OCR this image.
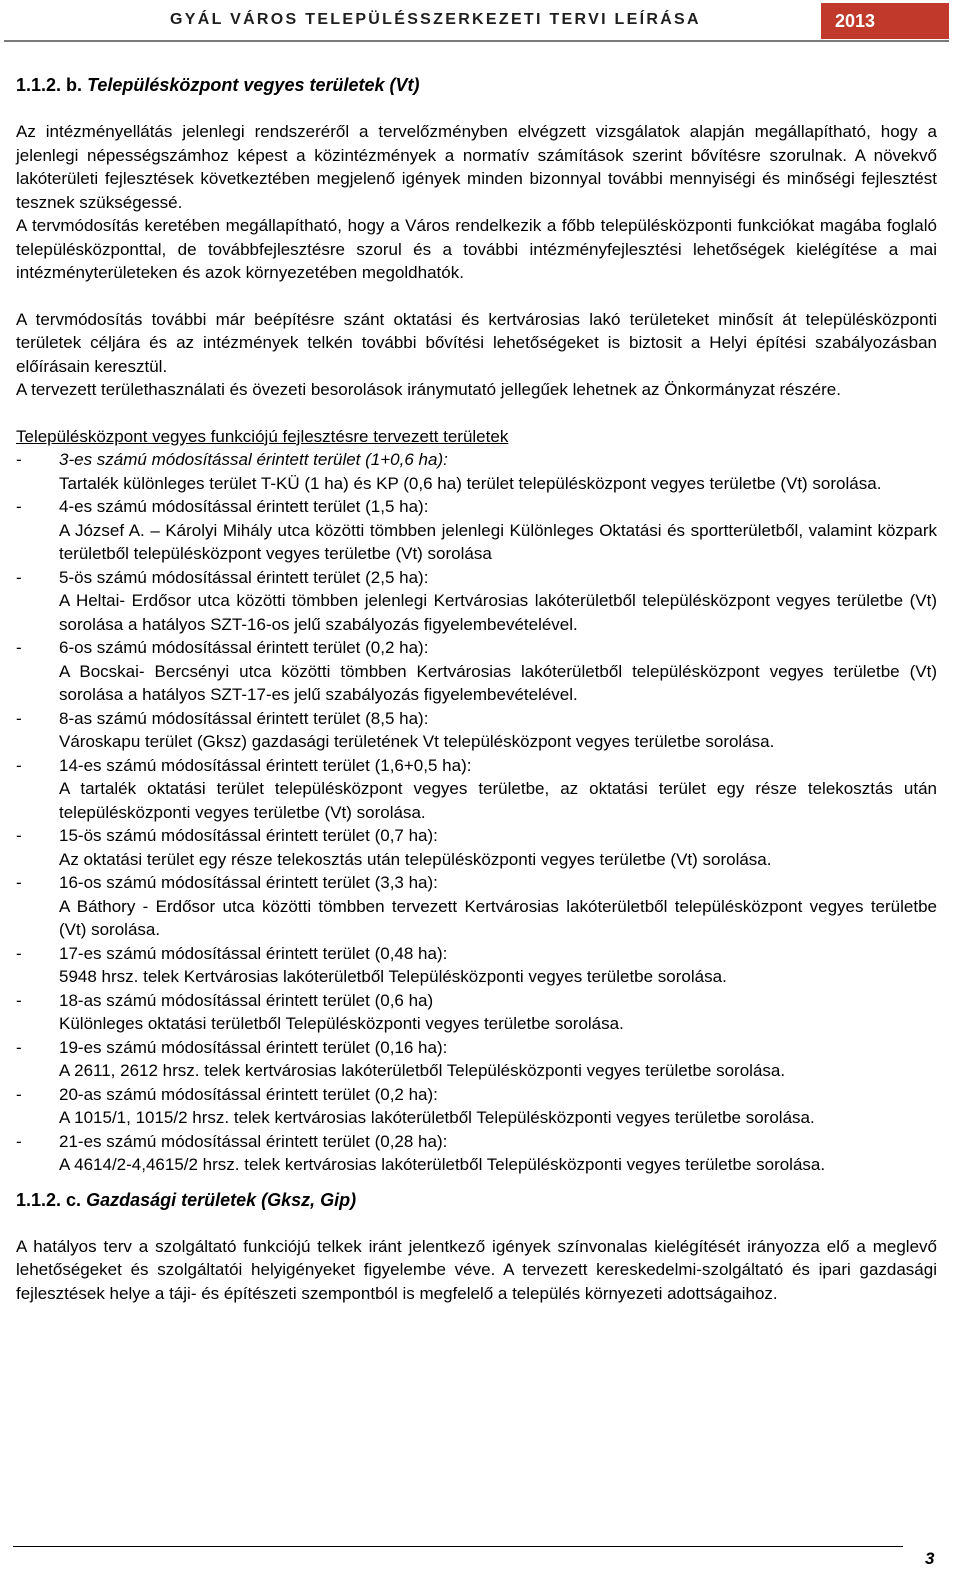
GYÁL VÁROS TELEPÜLÉSSZERKEZETI TERVI LEÍRÁSA	2013
1.1.2. b. Településközpont vegyes területek (Vt)

Az intézményellátás jelenlegi rendszeréről a tervelőzményben elvégzett vizsgálatok alapján megállapítható, hogy a jelenlegi népességszámhoz képest a közintézmények a normatív számítások szerint bővítésre szorulnak. A növekvő lakóterületi fejlesztések következtében megjelenő igények minden bizonnyal további mennyiségi és minőségi fejlesztést tesznek szükségessé.

A tervmódosítás keretében megállapítható, hogy a Város rendelkezik a főbb településközponti funkciókat magába foglaló településközponttal, de továbbfejlesztésre szorul és a további intézményfejlesztési lehetőségek kielégítése a mai intézményterületeken és azok környezetében megoldhatók.

A tervmódosítás további már beépítésre szánt oktatási és kertvárosias lakó területeket minősít át településközponti területek céljára és az intézmények telkén további bővítési lehetőségeket is biztosit a Helyi építési szabályozásban előírásain keresztül.

A tervezett területhasználati és övezeti besorolások iránymutató jellegűek lehetnek az Önkormányzat részére.

Településközpont vegyes funkciójú fejlesztésre tervezett területek
-	3-es számú módosítással érintett terület (1+0,6 ha):
Tartalék különleges terület T-KÜ (1 ha) és KP (0,6 ha) terület településközpont vegyes területbe (Vt) sorolása.
-	4-es számú módosítással érintett terület (1,5 ha):
A József A. – Károlyi Mihály utca közötti tömbben jelenlegi Különleges Oktatási és sportterületből, valamint közpark területből településközpont vegyes területbe (Vt) sorolása
-	5-ös számú módosítással érintett terület (2,5 ha):
A Heltai- Erdősor utca közötti tömbben jelenlegi Kertvárosias lakóterületből településközpont vegyes területbe (Vt) sorolása a hatályos SZT-16-os jelű szabályozás figyelembevételével.
-	6-os számú módosítással érintett terület (0,2 ha):
A Bocskai- Bercsényi utca közötti tömbben Kertvárosias lakóterületből településközpont vegyes területbe (Vt) sorolása a hatályos SZT-17-es jelű szabályozás figyelembevételével.
-	8-as számú módosítással érintett terület (8,5 ha):
Városkapu terület (Gksz) gazdasági területének Vt településközpont vegyes területbe sorolása.
-	14-es számú módosítással érintett terület (1,6+0,5 ha):
A tartalék oktatási terület településközpont vegyes területbe, az oktatási terület egy része telekosztás után településközponti vegyes területbe (Vt) sorolása.
-	15-ös számú módosítással érintett terület (0,7 ha):
Az oktatási terület egy része telekosztás után településközponti vegyes területbe (Vt) sorolása.
-	16-os számú módosítással érintett terület (3,3 ha):
A Báthory - Erdősor utca közötti tömbben tervezett Kertvárosias lakóterületből településközpont vegyes területbe (Vt) sorolása.
-	17-es számú módosítással érintett terület (0,48 ha):
5948 hrsz. telek Kertvárosias lakóterületből Településközponti vegyes területbe sorolása.
-	18-as számú módosítással érintett terület (0,6 ha)
Különleges oktatási területből Településközponti vegyes területbe sorolása.
-	19-es számú módosítással érintett terület (0,16 ha):
A 2611, 2612 hrsz. telek kertvárosias lakóterületből Településközponti vegyes területbe sorolása.
-	20-as számú módosítással érintett terület (0,2 ha):
A 1015/1, 1015/2 hrsz. telek kertvárosias lakóterületből Településközponti vegyes területbe sorolása.
-	21-es számú módosítással érintett terület (0,28 ha):
A 4614/2-4,4615/2 hrsz. telek kertvárosias lakóterületből Településközponti vegyes területbe sorolása.
1.1.2. c. Gazdasági területek (Gksz, Gip)

A hatályos terv a szolgáltató funkciójú telkek iránt jelentkező igények színvonalas kielégítését irányozza elő a meglevő lehetőségeket és szolgáltatói helyigényeket figyelembe véve. A tervezett kereskedelmi-szolgáltató és ipari gazdasági fejlesztések helye a táji- és építészeti szempontból is megfelelő a település környezeti adottságaihoz.

3
